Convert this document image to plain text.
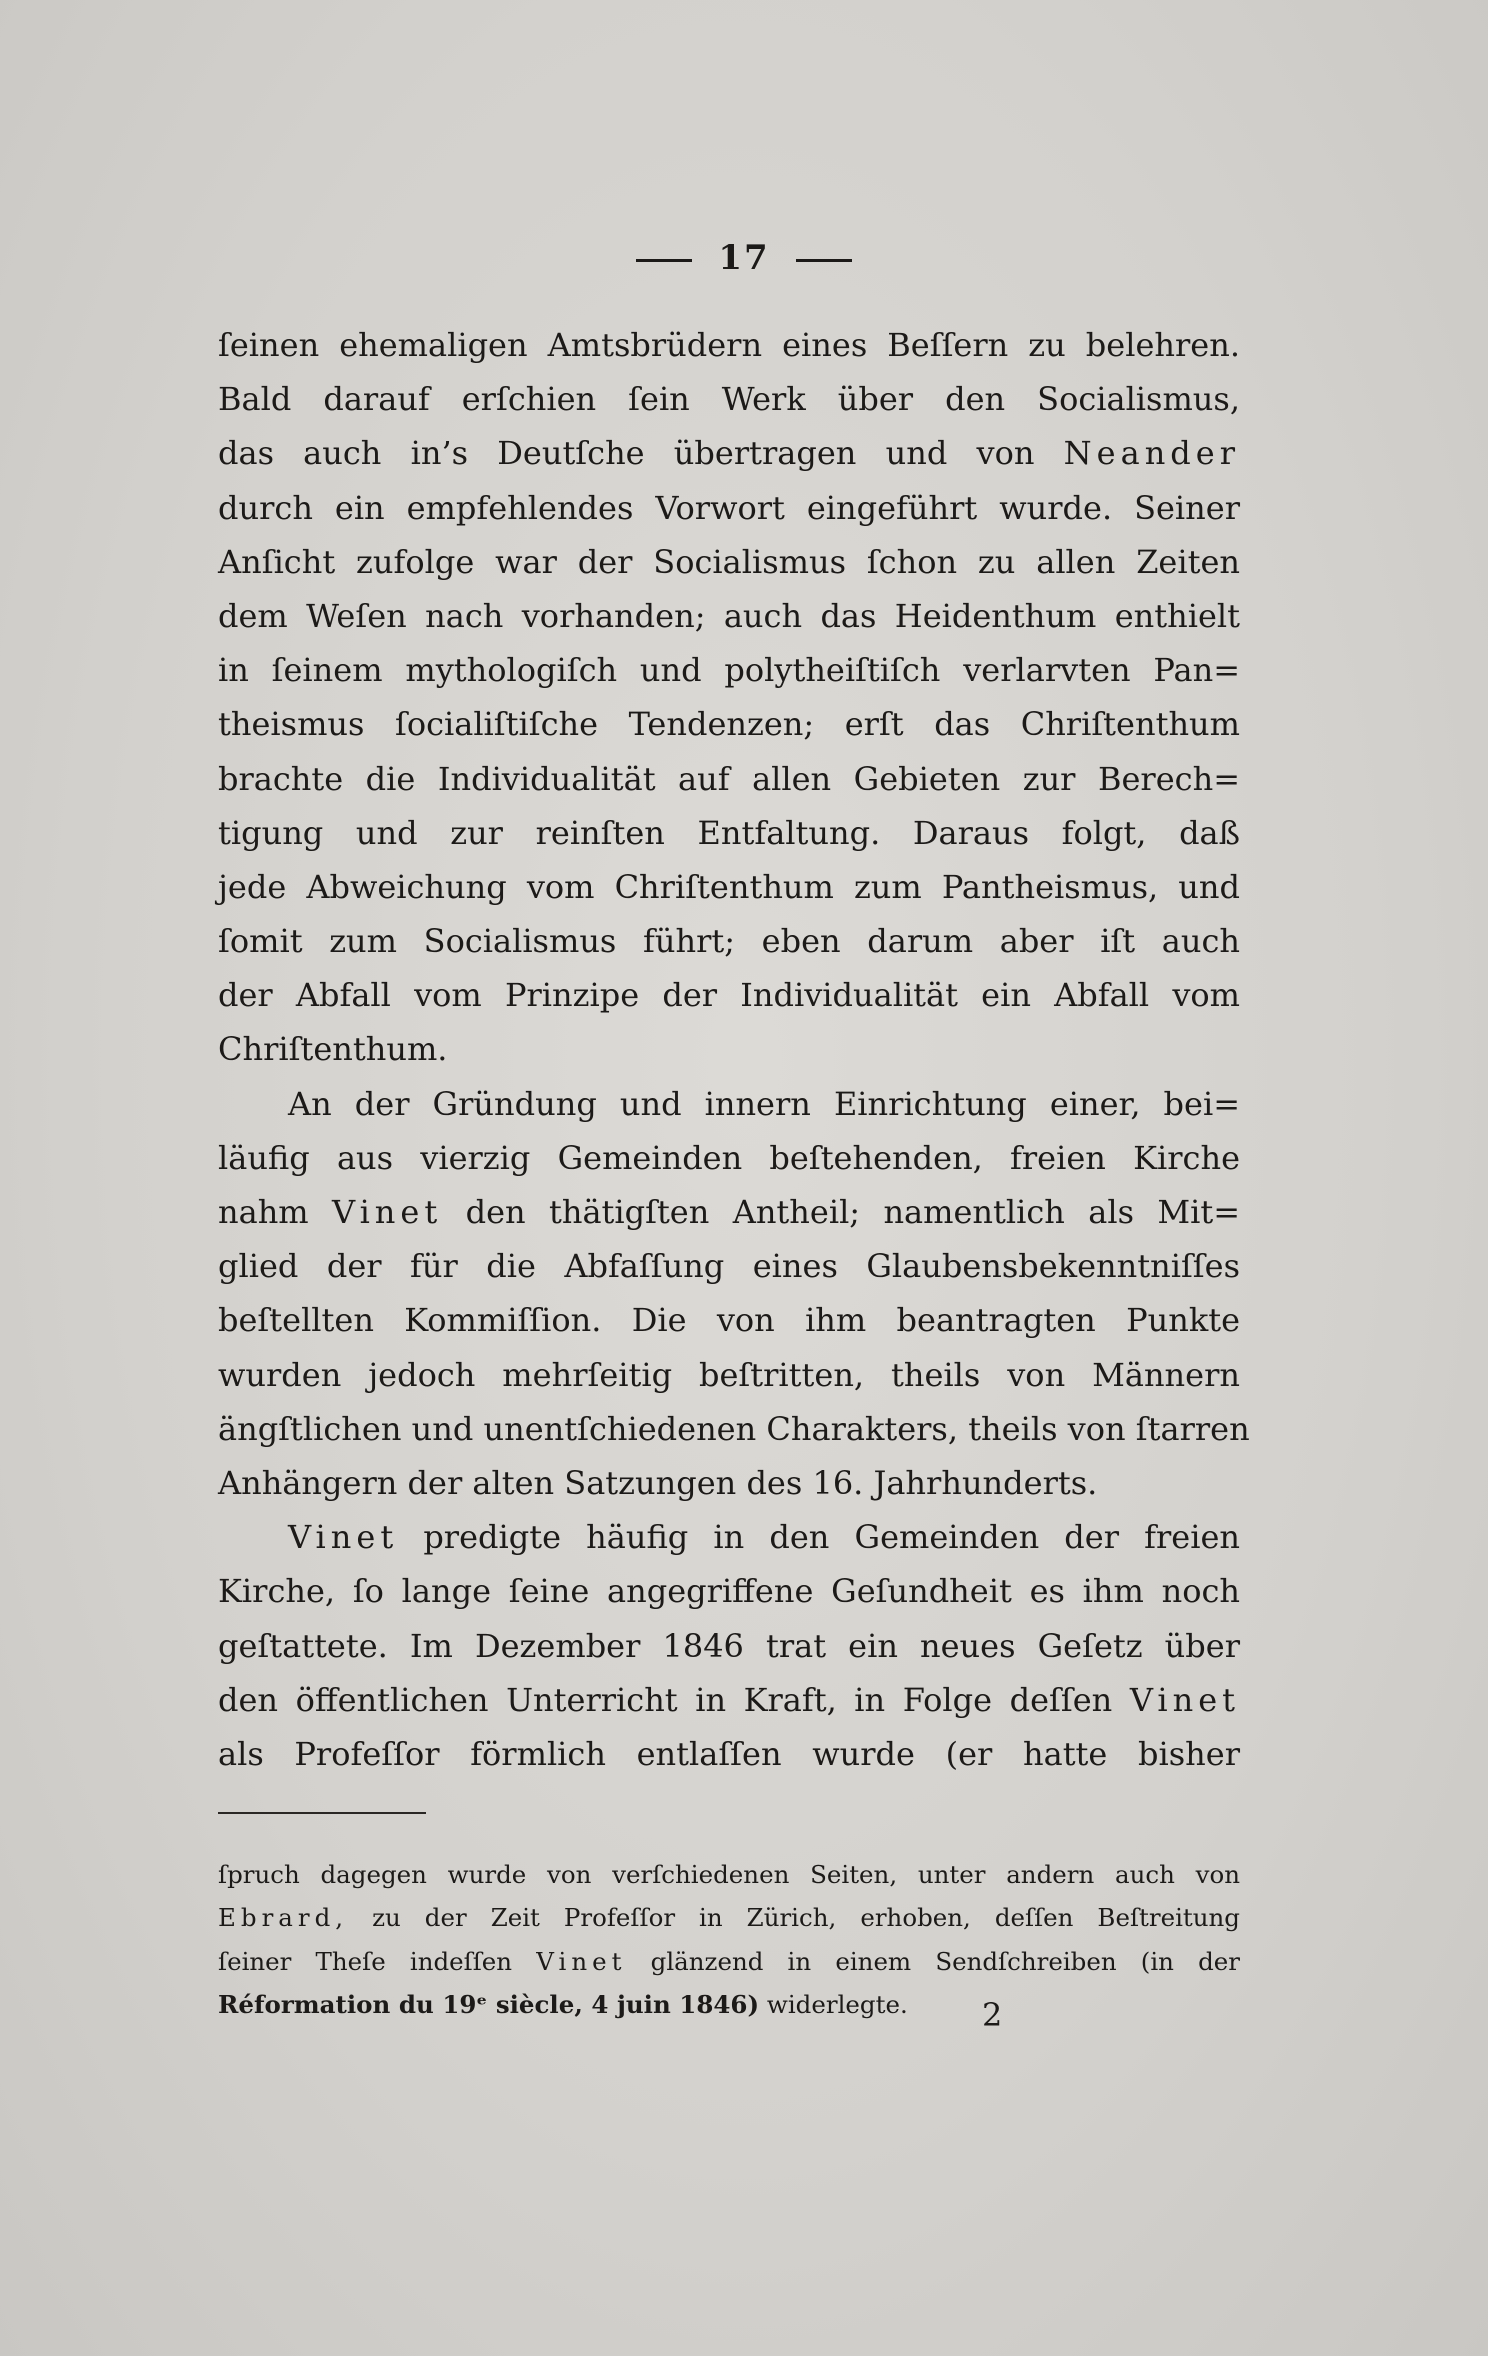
17
ſeinen ehemaligen Amtsbrüdern eines Beſſern zu belehren.
Bald darauf erſchien ſein Werk über den Socialismus,
das auch in’s Deutſche übertragen und von Neander
durch ein empfehlendes Vorwort eingeführt wurde. Seiner
Anſicht zufolge war der Socialismus ſchon zu allen Zeiten
dem Weſen nach vorhanden; auch das Heidenthum enthielt
in ſeinem mythologiſch und polytheiſtiſch verlarvten Pan=
theismus ſocialiſtiſche Tendenzen; erſt das Chriſtenthum
brachte die Individualität auf allen Gebieten zur Berech=
tigung und zur reinſten Entfaltung. Daraus folgt, daß
jede Abweichung vom Chriſtenthum zum Pantheismus, und
ſomit zum Socialismus führt; eben darum aber iſt auch
der Abfall vom Prinzipe der Individualität ein Abfall vom
Chriſtenthum.
An der Gründung und innern Einrichtung einer, bei=
läufig aus vierzig Gemeinden beſtehenden, freien Kirche
nahm Vinet den thätigſten Antheil; namentlich als Mit=
glied der für die Abfaſſung eines Glaubensbekenntniſſes
beſtellten Kommiſſion. Die von ihm beantragten Punkte
wurden jedoch mehrſeitig beſtritten, theils von Männern
ängſtlichen und unentſchiedenen Charakters, theils von ſtarren
Anhängern der alten Satzungen des 16. Jahrhunderts.
Vinet predigte häufig in den Gemeinden der freien
Kirche, ſo lange ſeine angegriffene Geſundheit es ihm noch
geſtattete. Im Dezember 1846 trat ein neues Geſetz über
den öffentlichen Unterricht in Kraft, in Folge deſſen Vinet
als Profeſſor förmlich entlaſſen wurde (er hatte bisher
ſpruch dagegen wurde von verſchiedenen Seiten, unter andern auch von
Ebrard, zu der Zeit Profeſſor in Zürich, erhoben, deſſen Beſtreitung
ſeiner Theſe indeſſen Vinet glänzend in einem Sendſchreiben (in der
Réformation du 19ᵉ siècle, 4 juin 1846) widerlegte.	2
